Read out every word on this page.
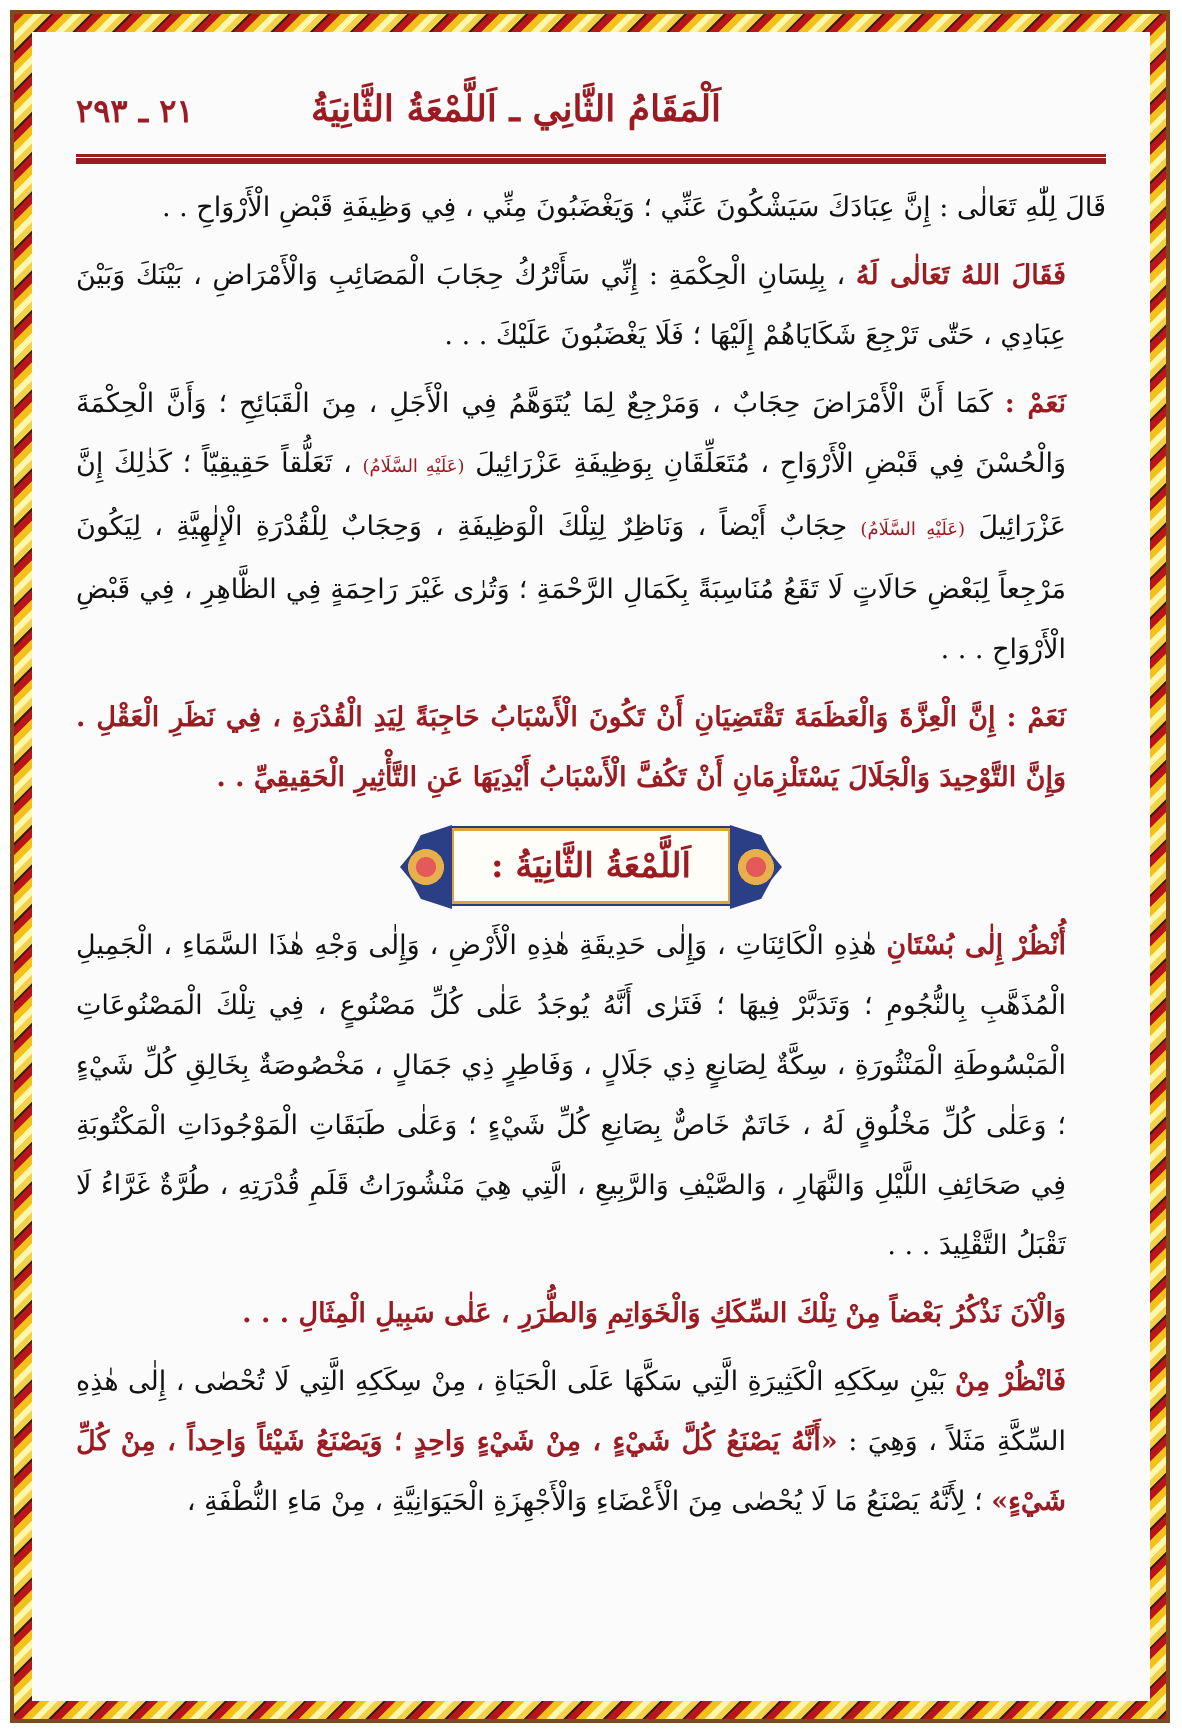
اَلْمَقَامُ الثَّانِي ـ اَللَّمْعَةُ الثَّانِيَةُ
٢١ ـ ٢٩٣

قَالَ لِلّٰهِ تَعَالٰى : إِنَّ عِبَادَكَ سَيَشْكُونَ عَنِّي ؛ وَيَغْضَبُونَ مِنِّي ، فِي وَظِيفَةِ قَبْضِ الْأَرْوَاحِ . .

فَقَالَ اللهُ تَعَالٰى لَهُ ، بِلِسَانِ الْحِكْمَةِ : إِنِّي سَأَتْرُكُ حِجَابَ الْمَصَائِبِ وَالْأَمْرَاضِ ، بَيْنَكَ وَبَيْنَ عِبَادِي ، حَتّٰى تَرْجِعَ شَكَايَاهُمْ إِلَيْهَا ؛ فَلَا يَغْضَبُونَ عَلَيْكَ . . .

نَعَمْ : كَمَا أَنَّ الْأَمْرَاضَ حِجَابٌ ، وَمَرْجِعٌ لِمَا يُتَوَهَّمُ فِي الْأَجَلِ ، مِنَ الْقَبَائِحِ ؛ وَأَنَّ الْحِكْمَةَ وَالْحُسْنَ فِي قَبْضِ الْأَرْوَاحِ ، مُتَعَلِّقَانِ بِوَظِيفَةِ عَزْرَائِيلَ (عَلَيْهِ السَّلَامُ) ، تَعَلُّقاً حَقِيقِيّاً ؛ كَذٰلِكَ إِنَّ عَزْرَائِيلَ (عَلَيْهِ السَّلَامُ) حِجَابٌ أَيْضاً ، وَنَاظِرٌ لِتِلْكَ الْوَظِيفَةِ ، وَحِجَابٌ لِلْقُدْرَةِ الْإِلٰهِيَّةِ ، لِيَكُونَ مَرْجِعاً لِبَعْضِ حَالَاتٍ لَا تَقَعُ مُنَاسِبَةً بِكَمَالِ الرَّحْمَةِ ؛ وَتُرٰى غَيْرَ رَاحِمَةٍ فِي الظَّاهِرِ ، فِي قَبْضِ الْأَرْوَاحِ . . .

نَعَمْ : إِنَّ الْعِزَّةَ وَالْعَظَمَةَ تَقْتَضِيَانِ أَنْ تَكُونَ الْأَسْبَابُ حَاجِبَةً لِيَدِ الْقُدْرَةِ ، فِي نَظَرِ الْعَقْلِ . وَإِنَّ التَّوْحِيدَ وَالْجَلَالَ يَسْتَلْزِمَانِ أَنْ تَكُفَّ الْأَسْبَابُ أَيْدِيَهَا عَنِ التَّأْثِيرِ الْحَقِيقِيِّ . .

اَللَّمْعَةُ الثَّانِيَةُ :

أُنْظُرْ إِلٰى بُسْتَانِ هٰذِهِ الْكَائِنَاتِ ، وَإِلٰى حَدِيقَةِ هٰذِهِ الْأَرْضِ ، وَإِلٰى وَجْهِ هٰذَا السَّمَاءِ ، الْجَمِيلِ الْمُذَهَّبِ بِالنُّجُومِ ؛ وَتَدَبَّرْ فِيهَا ؛ فَتَرٰى أَنَّهُ يُوجَدُ عَلٰى كُلِّ مَصْنُوعٍ ، فِي تِلْكَ الْمَصْنُوعَاتِ الْمَبْسُوطَةِ الْمَنْثُورَةِ ، سِكَّةٌ لِصَانِعٍ ذِي جَلَالٍ ، وَفَاطِرٍ ذِي جَمَالٍ ، مَخْصُوصَةٌ بِخَالِقِ كُلِّ شَيْءٍ ؛ وَعَلٰى كُلِّ مَخْلُوقٍ لَهُ ، خَاتَمٌ خَاصٌّ بِصَانِعِ كُلِّ شَيْءٍ ؛ وَعَلٰى طَبَقَاتِ الْمَوْجُودَاتِ الْمَكْتُوبَةِ فِي صَحَائِفِ اللَّيْلِ وَالنَّهَارِ ، وَالصَّيْفِ وَالرَّبِيعِ ، الَّتِي هِيَ مَنْشُورَاتُ قَلَمِ قُدْرَتِهِ ، طُرَّةٌ غَرَّاءُ لَا تَقْبَلُ التَّقْلِيدَ . . .

وَالْآنَ نَذْكُرُ بَعْضاً مِنْ تِلْكَ السِّكَكِ وَالْخَوَاتِمِ وَالطُّرَرِ ، عَلٰى سَبِيلِ الْمِثَالِ . . .

فَانْظُرْ مِنْ بَيْنِ سِكَكِهِ الْكَثِيرَةِ الَّتِي سَكَّهَا عَلَى الْحَيَاةِ ، مِنْ سِكَكِهِ الَّتِي لَا تُحْصٰى ، إِلٰى هٰذِهِ السِّكَّةِ مَثَلاً ، وَهِيَ : «أَنَّهُ يَصْنَعُ كُلَّ شَيْءٍ ، مِنْ شَيْءٍ وَاحِدٍ ؛ وَيَصْنَعُ شَيْئاً وَاحِداً ، مِنْ كُلِّ شَيْءٍ» ؛ لِأَنَّهُ يَصْنَعُ مَا لَا يُحْصٰى مِنَ الْأَعْضَاءِ وَالْأَجْهِزَةِ الْحَيَوَانِيَّةِ ، مِنْ مَاءِ النُّطْفَةِ ،
